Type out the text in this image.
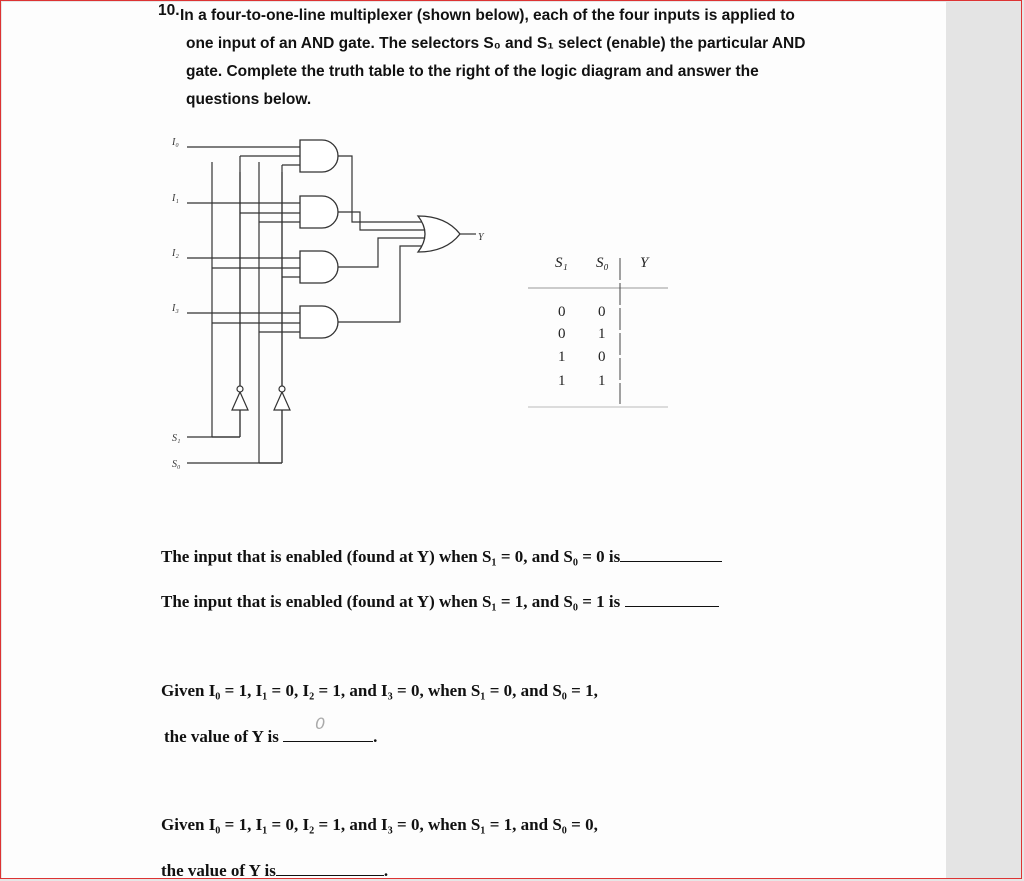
10. In a four-to-one-line multiplexer (shown below), each of the four inputs is applied to
one input of an AND gate. The selectors S₀ and S₁ select (enable) the particular AND
gate. Complete the truth table to the right of the logic diagram and answer the
questions below.
I₀
I₁
I₂
I₃
S₁
S₀
Y
S₁ S₀ Y
0 0
0 1
1 0
1 1
The input that is enabled (found at Y) when S₁ = 0, and S₀ = 0 is
The input that is enabled (found at Y) when S₁ = 1, and S₀ = 1 is
Given I₀ = 1, I₁ = 0, I₂ = 1, and I₃ = 0, when S₁ = 0, and S₀ = 1,
the value of Y is
0
.
Given I₀ = 1, I₁ = 0, I₂ = 1, and I₃ = 0, when S₁ = 1, and S₀ = 0,
the value of Y is	.
